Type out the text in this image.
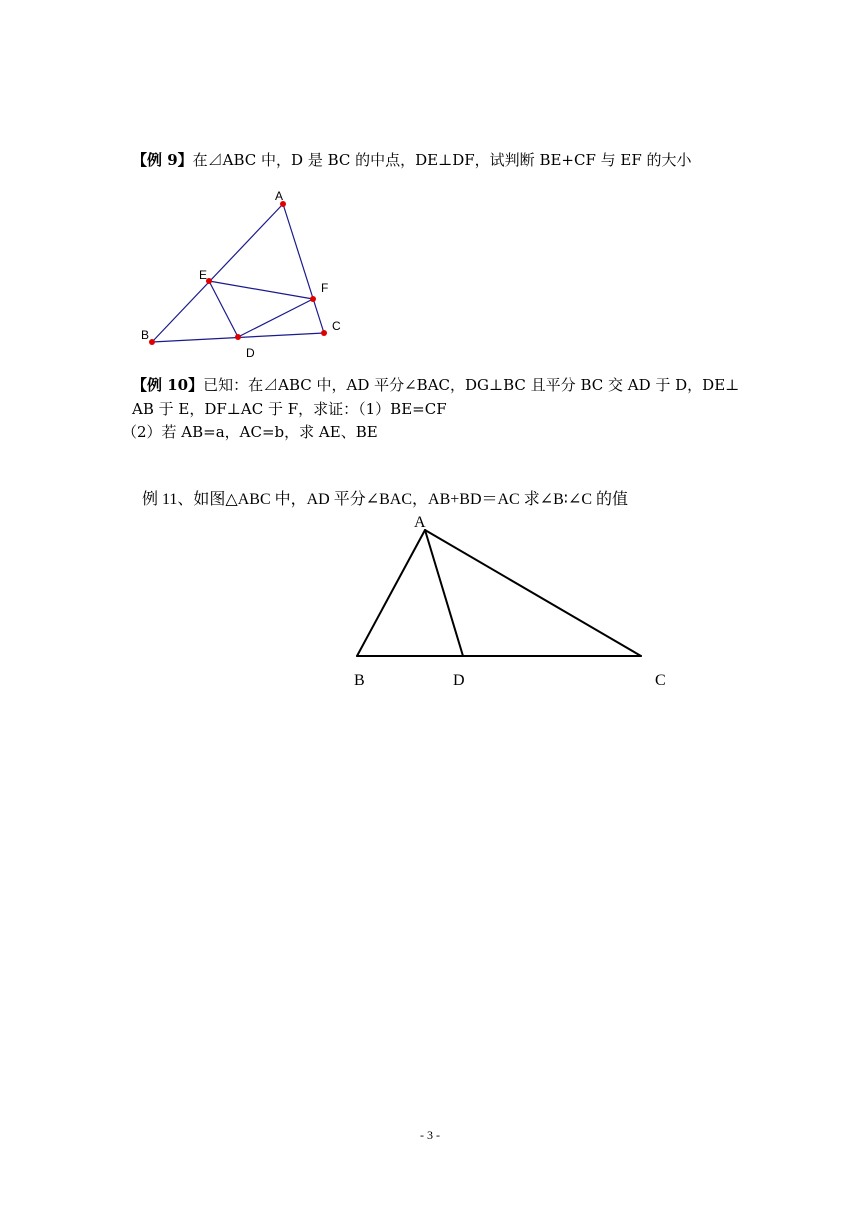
【例 9】在⊿ABC 中，D 是 BC 的中点，DE⊥DF，试判断 BE+CF 与 EF 的大小
A
B
C
D
E
F
【例 10】已知：在⊿ABC 中，AD 平分∠BAC，DG⊥BC 且平分 BC 交 AD 于 D，DE⊥
AB 于 E，DF⊥AC 于 F，求证：（1）BE=CF
（2）若 AB=a，AC=b，求 AE、BE
例 11、如图△ABC 中，AD 平分∠BAC，AB+BD＝AC 求∠B∶∠C 的值
A
B	D	C
- 3 -
